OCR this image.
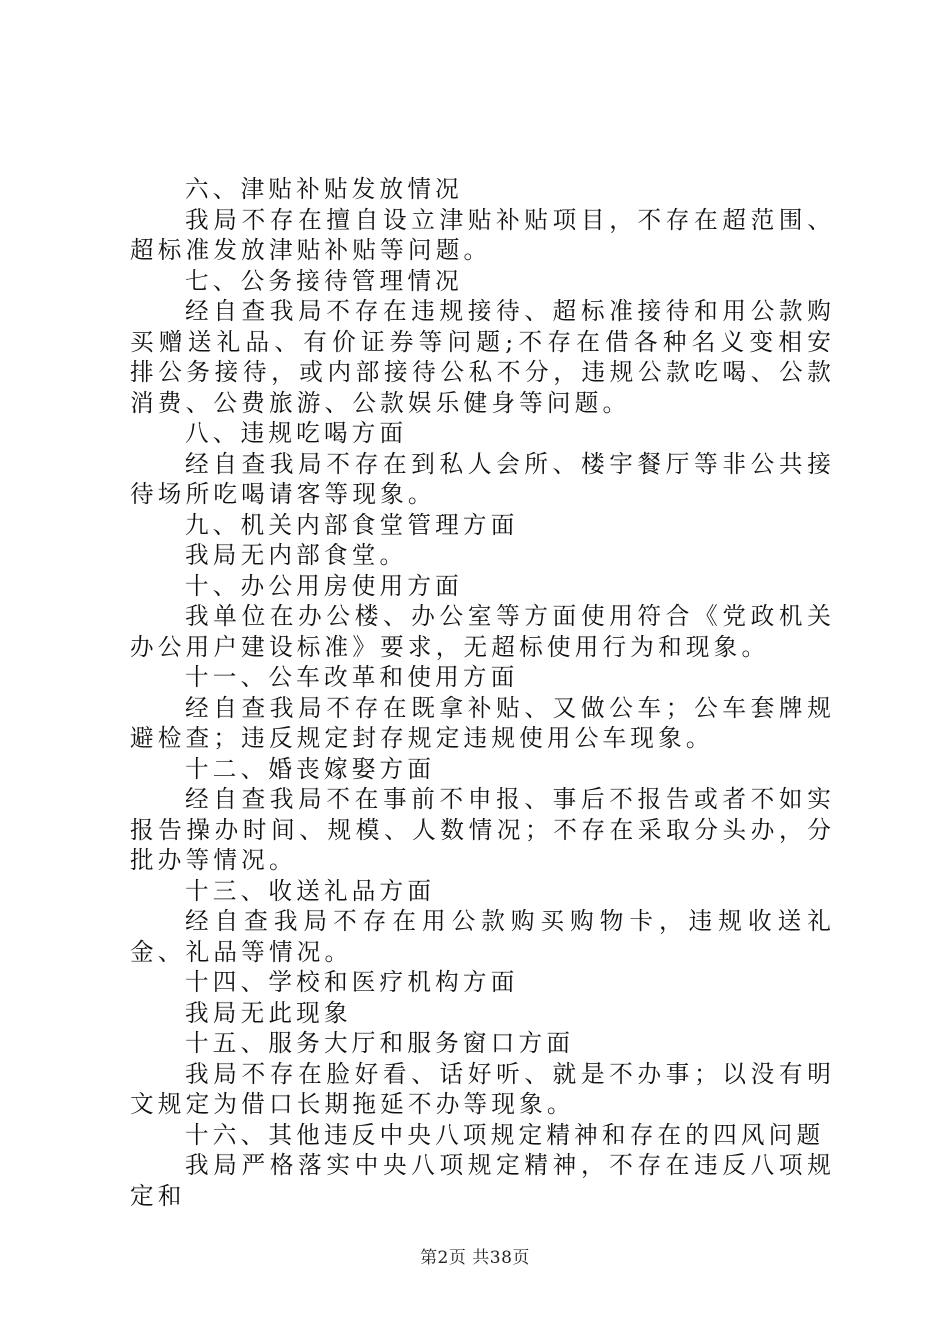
六、津贴补贴发放情况

我局不存在擅自设立津贴补贴项目，不存在超范围、超标准发放津贴补贴等问题。

七、公务接待管理情况

经自查我局不存在违规接待、超标准接待和用公款购买赠送礼品、有价证券等问题;不存在借各种名义变相安排公务接待，或内部接待公私不分，违规公款吃喝、公款消费、公费旅游、公款娱乐健身等问题。

八、违规吃喝方面

经自查我局不存在到私人会所、楼宇餐厅等非公共接待场所吃喝请客等现象。

九、机关内部食堂管理方面

我局无内部食堂。

十、办公用房使用方面

我单位在办公楼、办公室等方面使用符合《党政机关办公用户建设标准》要求，无超标使用行为和现象。

十一、公车改革和使用方面

经自查我局不存在既拿补贴、又做公车；公车套牌规避检查；违反规定封存规定违规使用公车现象。

十二、婚丧嫁娶方面

经自查我局不在事前不申报、事后不报告或者不如实报告操办时间、规模、人数情况；不存在采取分头办，分批办等情况。

十三、收送礼品方面

经自查我局不存在用公款购买购物卡，违规收送礼金、礼品等情况。

十四、学校和医疗机构方面

我局无此现象

十五、服务大厅和服务窗口方面

我局不存在脸好看、话好听、就是不办事；以没有明文规定为借口长期拖延不办等现象。

十六、其他违反中央八项规定精神和存在的四风问题

我局严格落实中央八项规定精神，不存在违反八项规定和

第2页 共38页
